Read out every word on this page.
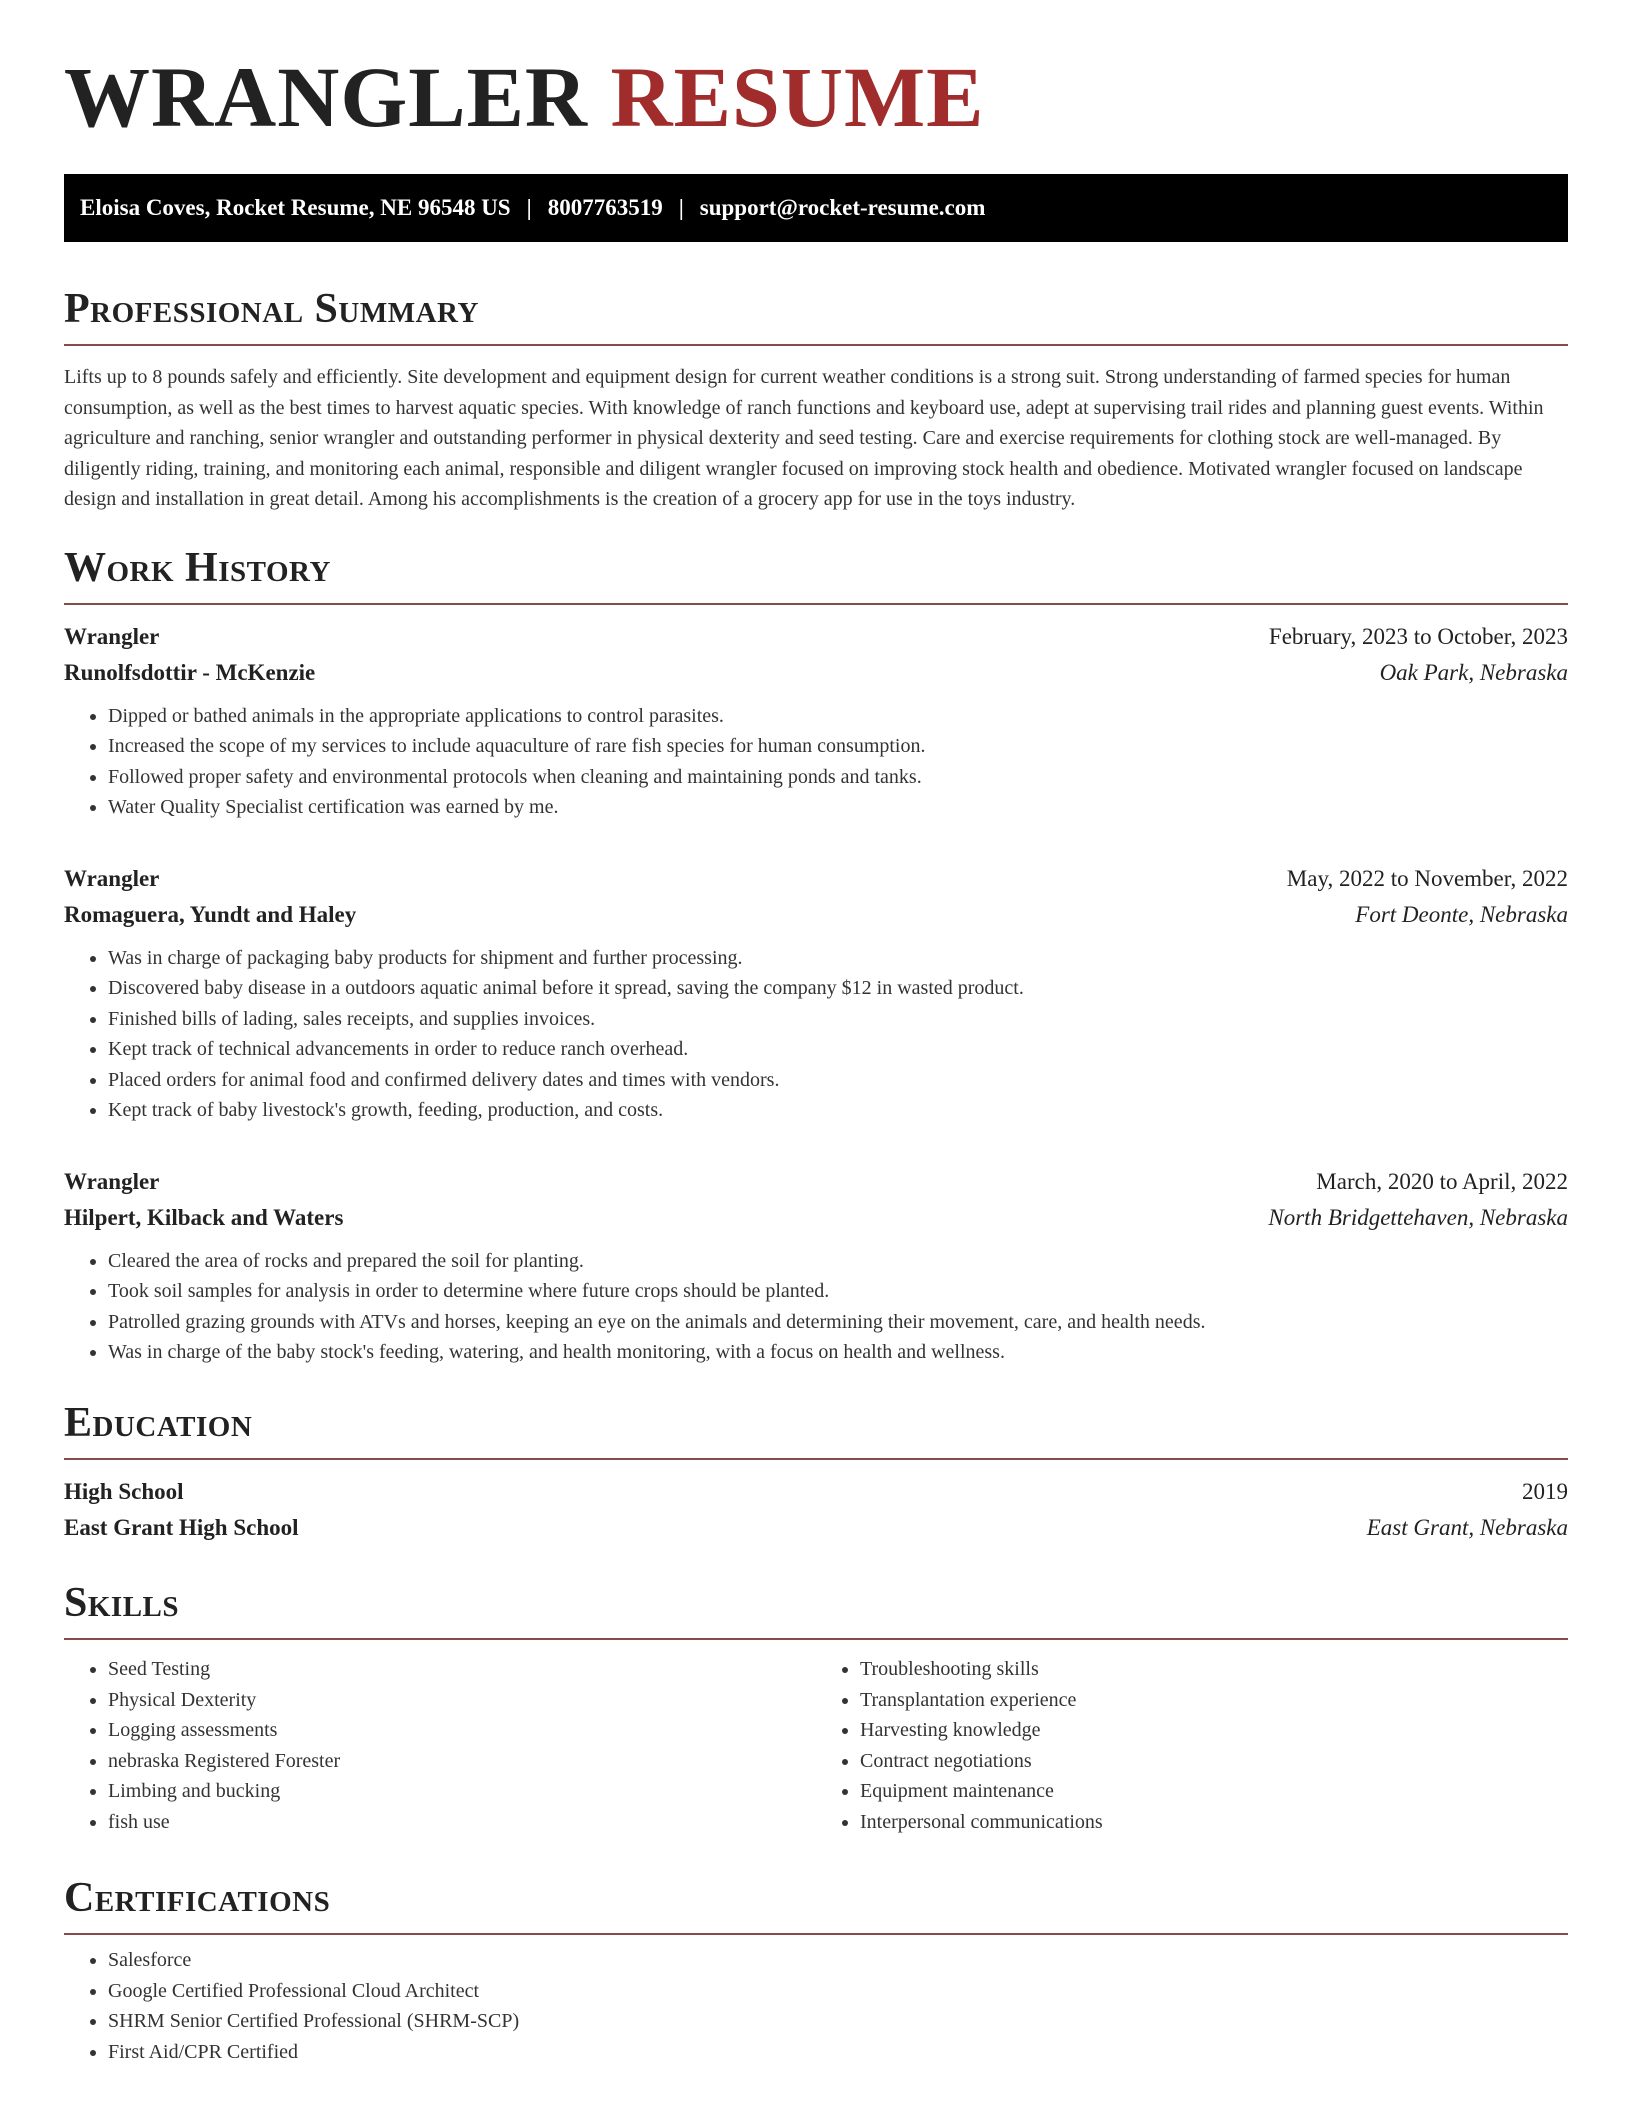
WRANGLER RESUME
Eloisa Coves, Rocket Resume, NE 96548 US | 8007763519 | support@rocket-resume.com
Professional Summary

Lifts up to 8 pounds safely and efficiently. Site development and equipment design for current weather conditions is a strong suit. Strong understanding of farmed species for human consumption, as well as the best times to harvest aquatic species. With knowledge of ranch functions and keyboard use, adept at supervising trail rides and planning guest events. Within agriculture and ranching, senior wrangler and outstanding performer in physical dexterity and seed testing. Care and exercise requirements for clothing stock are well-managed. By diligently riding, training, and monitoring each animal, responsible and diligent wrangler focused on improving stock health and obedience. Motivated wrangler focused on landscape design and installation in great detail. Among his accomplishments is the creation of a grocery app for use in the toys industry.

Work History
Wrangler	February, 2023 to October, 2023
Runolfsdottir - McKenzie	Oak Park, Nebraska
• Dipped or bathed animals in the appropriate applications to control parasites.
• Increased the scope of my services to include aquaculture of rare fish species for human consumption.
• Followed proper safety and environmental protocols when cleaning and maintaining ponds and tanks.
• Water Quality Specialist certification was earned by me.
Wrangler	May, 2022 to November, 2022
Romaguera, Yundt and Haley	Fort Deonte, Nebraska
• Was in charge of packaging baby products for shipment and further processing.
• Discovered baby disease in a outdoors aquatic animal before it spread, saving the company $12 in wasted product.
• Finished bills of lading, sales receipts, and supplies invoices.
• Kept track of technical advancements in order to reduce ranch overhead.
• Placed orders for animal food and confirmed delivery dates and times with vendors.
• Kept track of baby livestock's growth, feeding, production, and costs.
Wrangler	March, 2020 to April, 2022
Hilpert, Kilback and Waters	North Bridgettehaven, Nebraska
• Cleared the area of rocks and prepared the soil for planting.
• Took soil samples for analysis in order to determine where future crops should be planted.
• Patrolled grazing grounds with ATVs and horses, keeping an eye on the animals and determining their movement, care, and health needs.
• Was in charge of the baby stock's feeding, watering, and health monitoring, with a focus on health and wellness.
Education
High School	2019
East Grant High School	East Grant, Nebraska
Skills
• Seed Testing
• Physical Dexterity
• Logging assessments
• nebraska Registered Forester
• Limbing and bucking
• fish use
• Troubleshooting skills
• Transplantation experience
• Harvesting knowledge
• Contract negotiations
• Equipment maintenance
• Interpersonal communications
Certifications
• Salesforce
• Google Certified Professional Cloud Architect
• SHRM Senior Certified Professional (SHRM-SCP)
• First Aid/CPR Certified
